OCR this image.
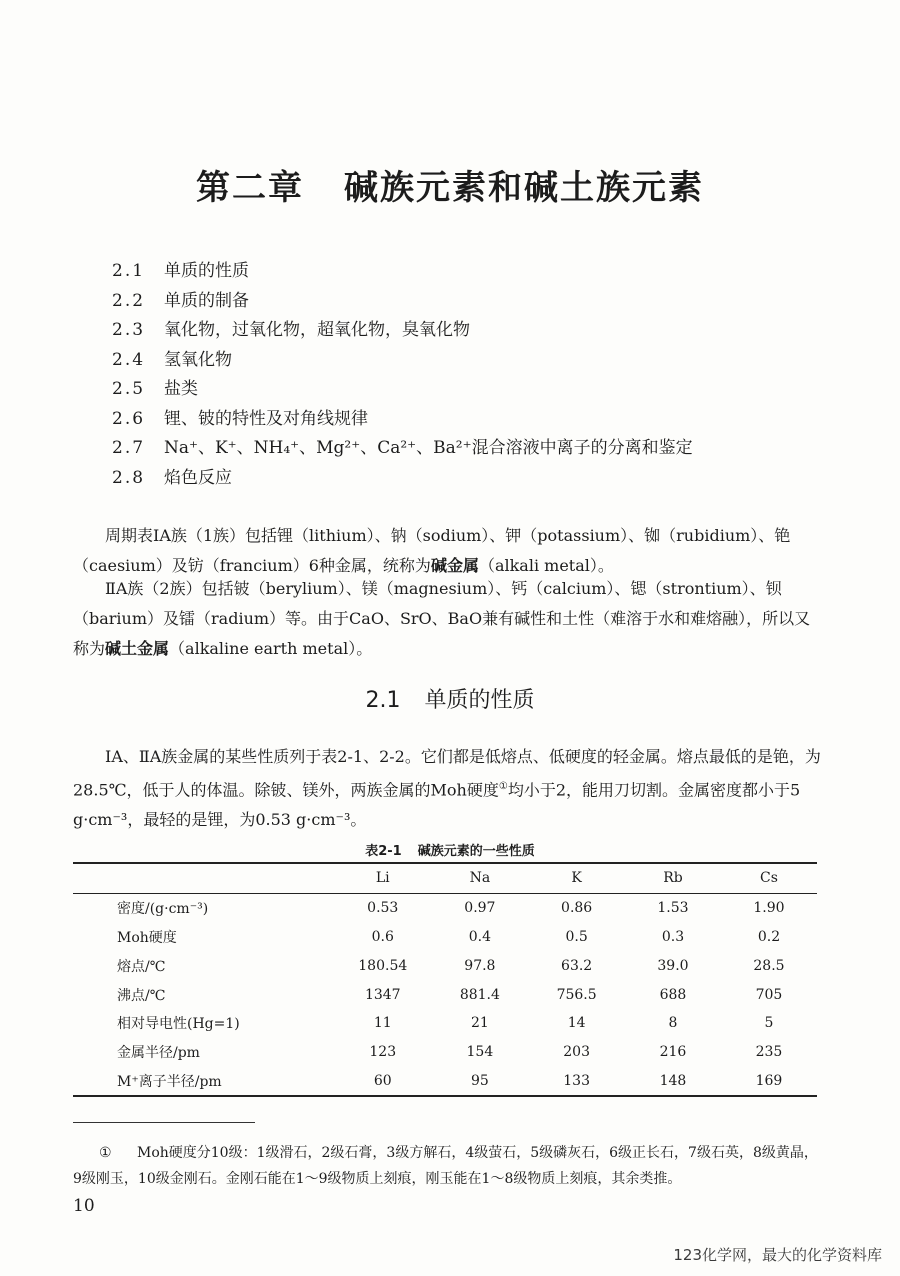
第二章 碱族元素和碱土族元素
2.1 单质的性质
2.2 单质的制备
2.3 氧化物，过氧化物，超氧化物，臭氧化物
2.4 氢氧化物
2.5 盐类
2.6 锂、铍的特性及对角线规律
2.7 Na⁺、K⁺、NH₄⁺、Mg²⁺、Ca²⁺、Ba²⁺混合溶液中离子的分离和鉴定
2.8 焰色反应
周期表ⅠA族（1族）包括锂（lithium）、钠（sodium）、钾（potassium）、铷（rubidium）、铯（caesium）及钫（francium）6种金属，统称为碱金属（alkali metal）。
ⅡA族（2族）包括铍（berylium）、镁（magnesium）、钙（calcium）、锶（strontium）、钡（barium）及镭（radium）等。由于CaO、SrO、BaO兼有碱性和土性（难溶于水和难熔融），所以又称为碱土金属（alkaline earth metal）。
2.1 单质的性质
ⅠA、ⅡA族金属的某些性质列于表2-1、2-2。它们都是低熔点、低硬度的轻金属。熔点最低的是铯，为28.5℃，低于人的体温。除铍、镁外，两族金属的Moh硬度①均小于2，能用刀切割。金属密度都小于5 g·cm⁻³，最轻的是锂，为0.53 g·cm⁻³。
表2-1 碱族元素的一些性质
	Li	Na	K	Rb	Cs
密度/(g·cm⁻³)	0.53	0.97	0.86	1.53	1.90
Moh硬度	0.6	0.4	0.5	0.3	0.2
熔点/℃	180.54	97.8	63.2	39.0	28.5
沸点/℃	1347	881.4	756.5	688	705
相对导电性(Hg=1)	11	21	14	8	5
金属半径/pm	123	154	203	216	235
M⁺离子半径/pm	60	95	133	148	169
① Moh硬度分10级：1级滑石，2级石膏，3级方解石，4级萤石，5级磷灰石，6级正长石，7级石英，8级黄晶，9级刚玉，10级金刚石。金刚石能在1～9级物质上刻痕，刚玉能在1～8级物质上刻痕，其余类推。
10
123化学网，最大的化学资料库
